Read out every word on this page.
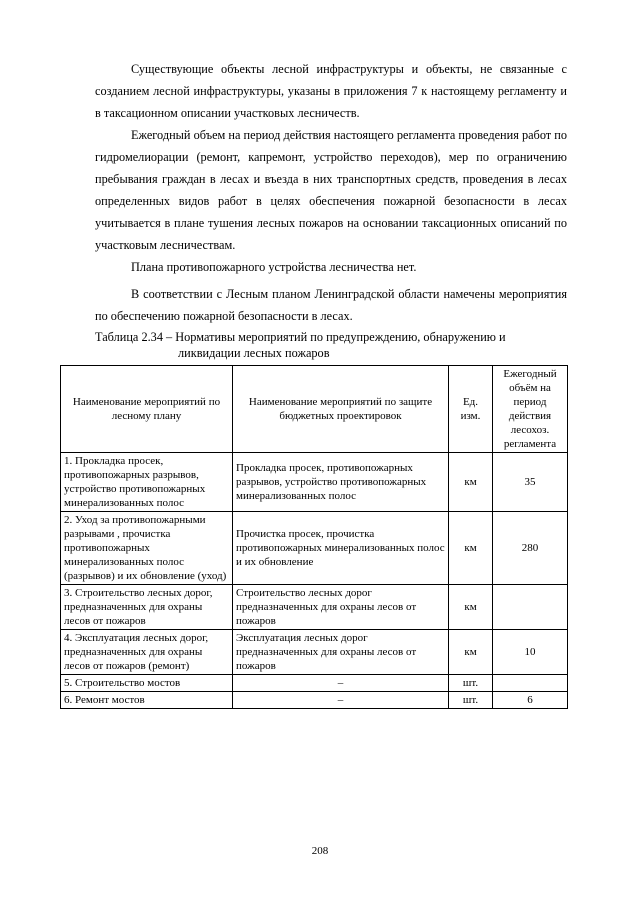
Существующие объекты лесной инфраструктуры и объекты, не связанные с созданием лесной инфраструктуры, указаны в приложения 7 к настоящему регламенту и в таксационном описании участковых лесничеств.

Ежегодный объем на период действия настоящего регламента проведения работ по гидромелиорации (ремонт, капремонт, устройство переходов), мер по ограничению пребывания граждан в лесах и въезда в них транспортных средств, проведения в лесах определенных видов работ в целях обеспечения пожарной безопасности в лесах учитывается в плане тушения лесных пожаров на основании таксационных описаний по участковым лесничествам.

Плана противопожарного устройства лесничества нет.

В соответствии с Лесным планом Ленинградской области намечены мероприятия по обеспечению пожарной безопасности в лесах.

Таблица 2.34 – Нормативы мероприятий по предупреждению, обнаружению и
ликвидации лесных пожаров

Наименование мероприятий по лесному плану	Наименование мероприятий по защите бюджетных проектировок	Ед. изм.	Ежегодный объём на период действия лесохоз. регламента
1. Прокладка просек, противопожарных разрывов, устройство противопожарных минерализованных полос	Прокладка просек, противопожарных разрывов, устройство противопожарных минерализованных полос	км	35
2. Уход за противопожарными разрывами , прочистка противопожарных минерализованных полос (разрывов) и их обновление (уход)	Прочистка просек, прочистка противопожарных минерализованных полос и их обновление	км	280
3. Строительство лесных дорог, предназначенных для охраны лесов от пожаров	Строительство лесных дорог предназначенных для охраны лесов от пожаров	км	
4. Эксплуатация лесных дорог, предназначенных для охраны лесов от пожаров (ремонт)	Эксплуатация лесных дорог предназначенных для охраны лесов от пожаров	км	10
5. Строительство мостов	–	шт.	
6. Ремонт мостов	–	шт.	6
208
